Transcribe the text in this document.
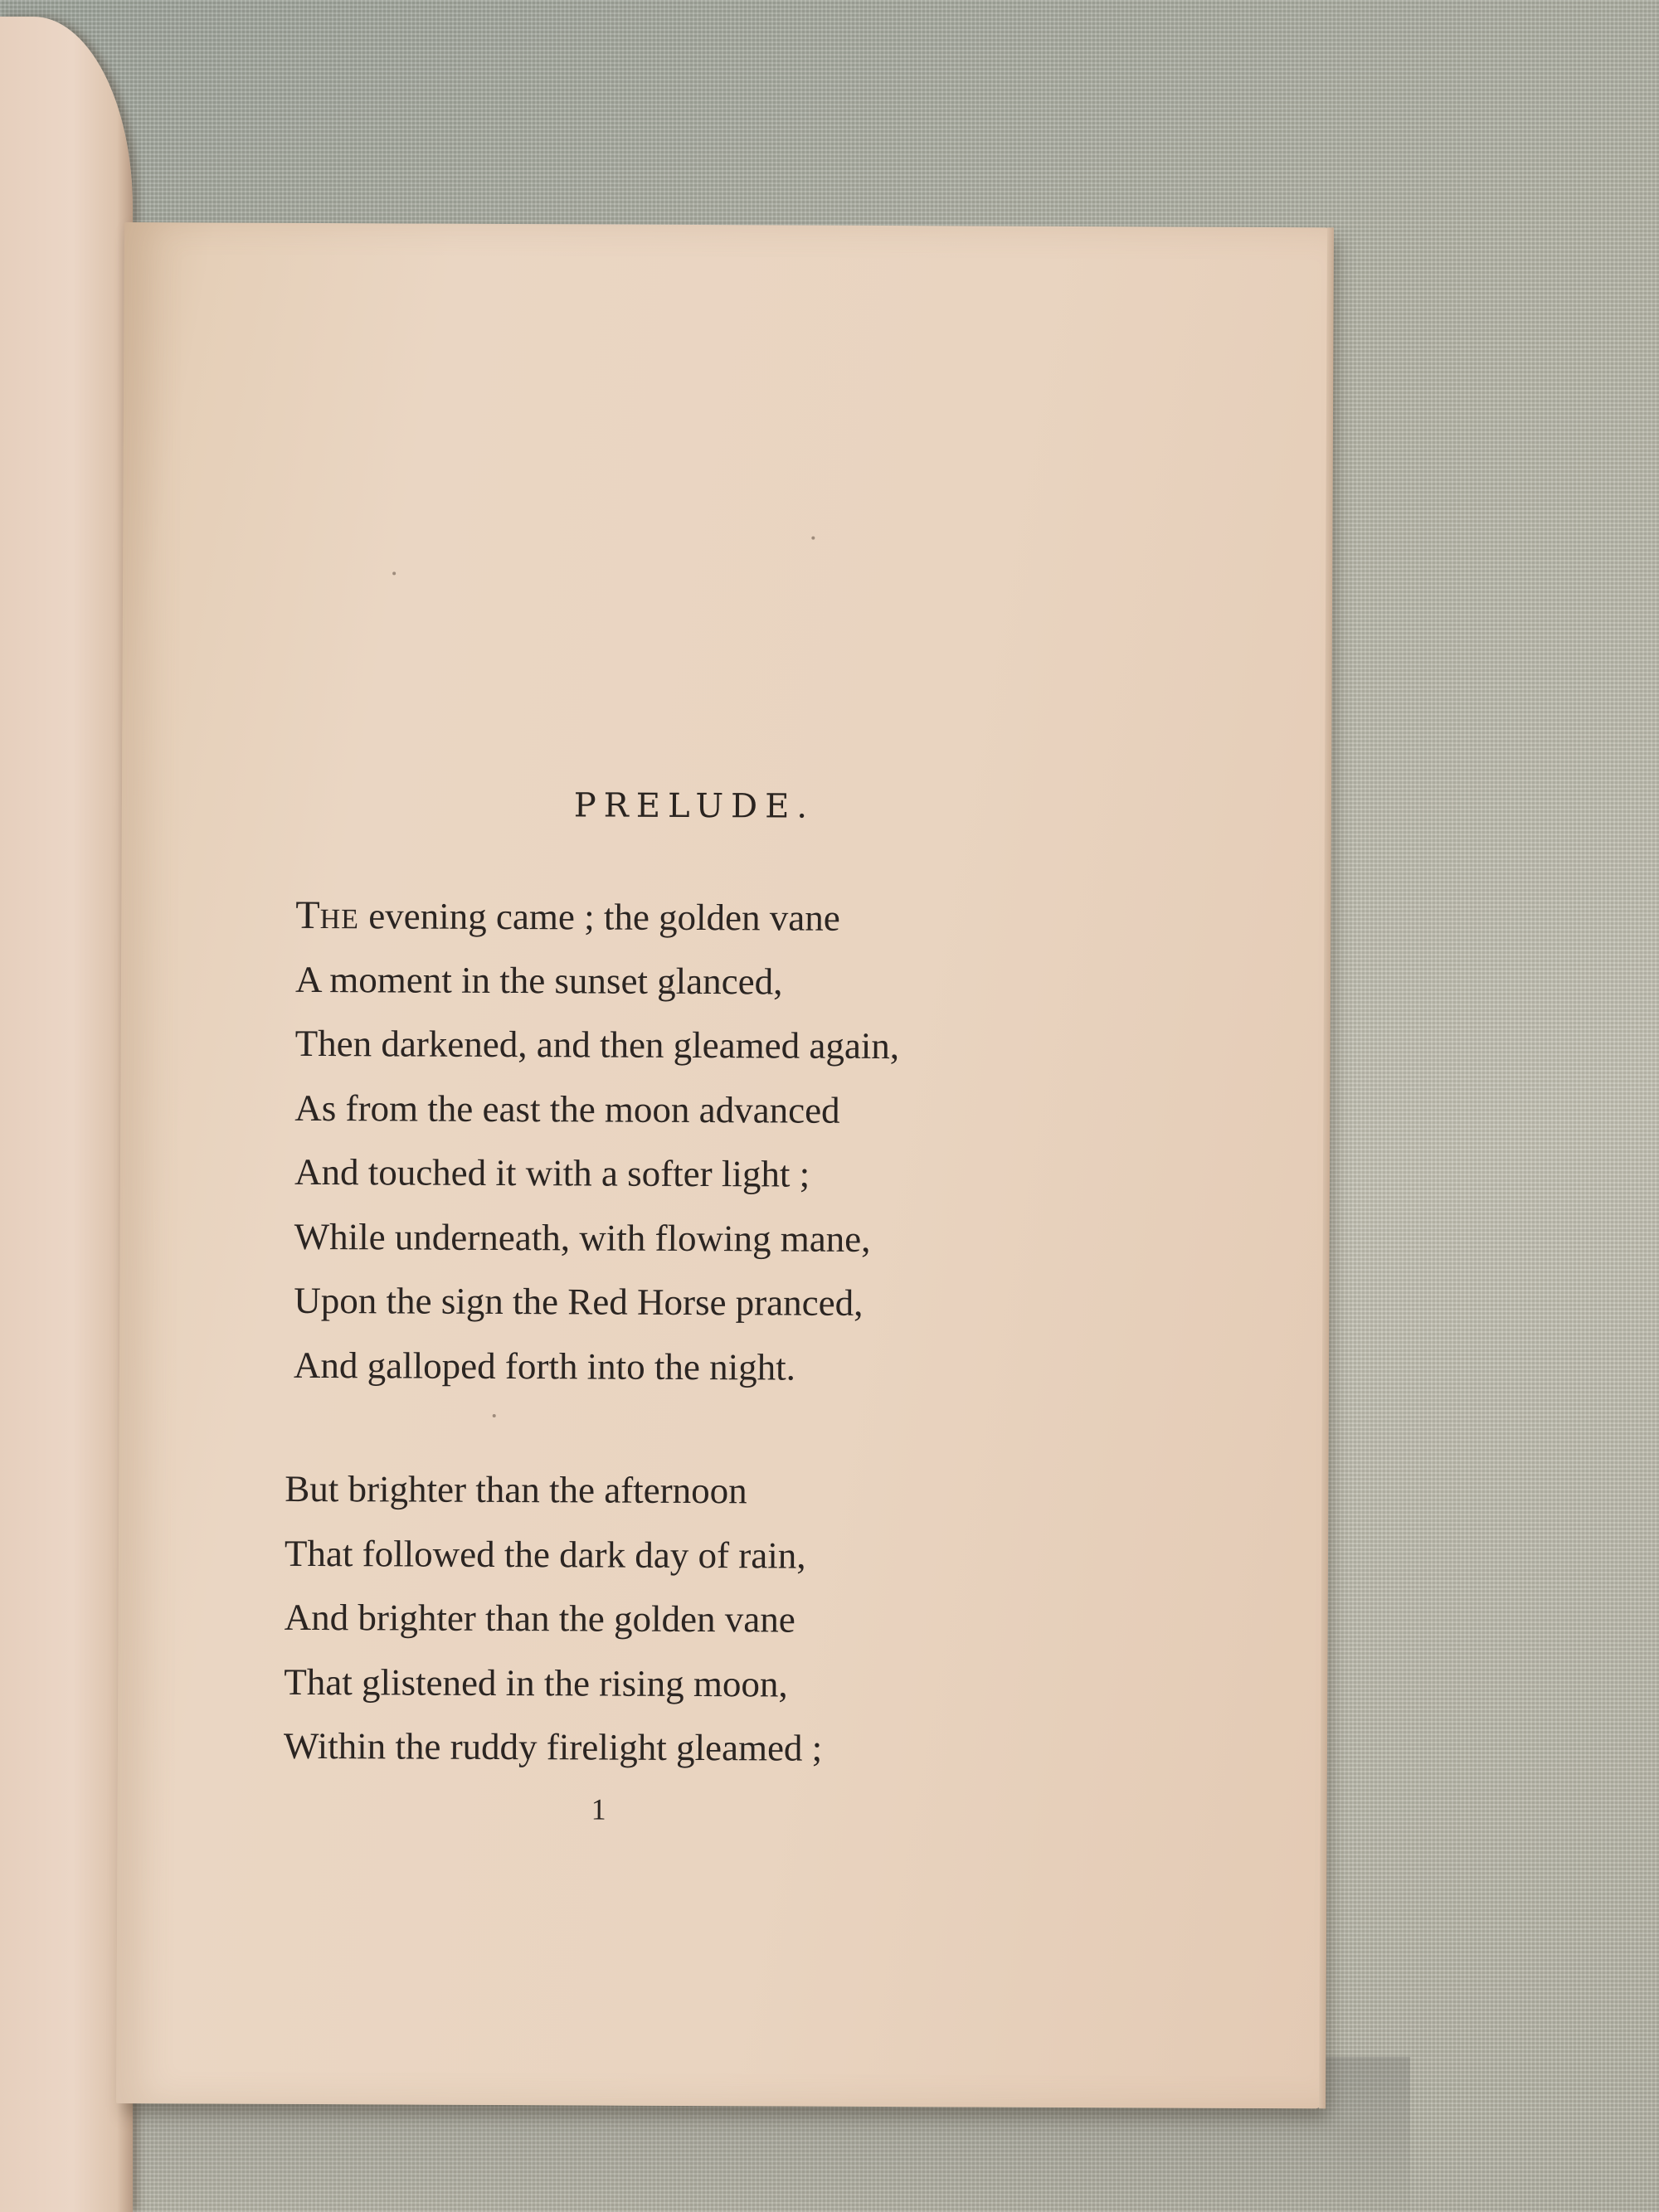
PRELUDE.
THE evening came ; the golden vane
A moment in the sunset glanced,
Then darkened, and then gleamed again,
As from the east the moon advanced
And touched it with a softer light ;
While underneath, with flowing mane,
Upon the sign the Red Horse pranced,
And galloped forth into the night.
But brighter than the afternoon
That followed the dark day of rain,
And brighter than the golden vane
That glistened in the rising moon,
Within the ruddy firelight gleamed ;
1
